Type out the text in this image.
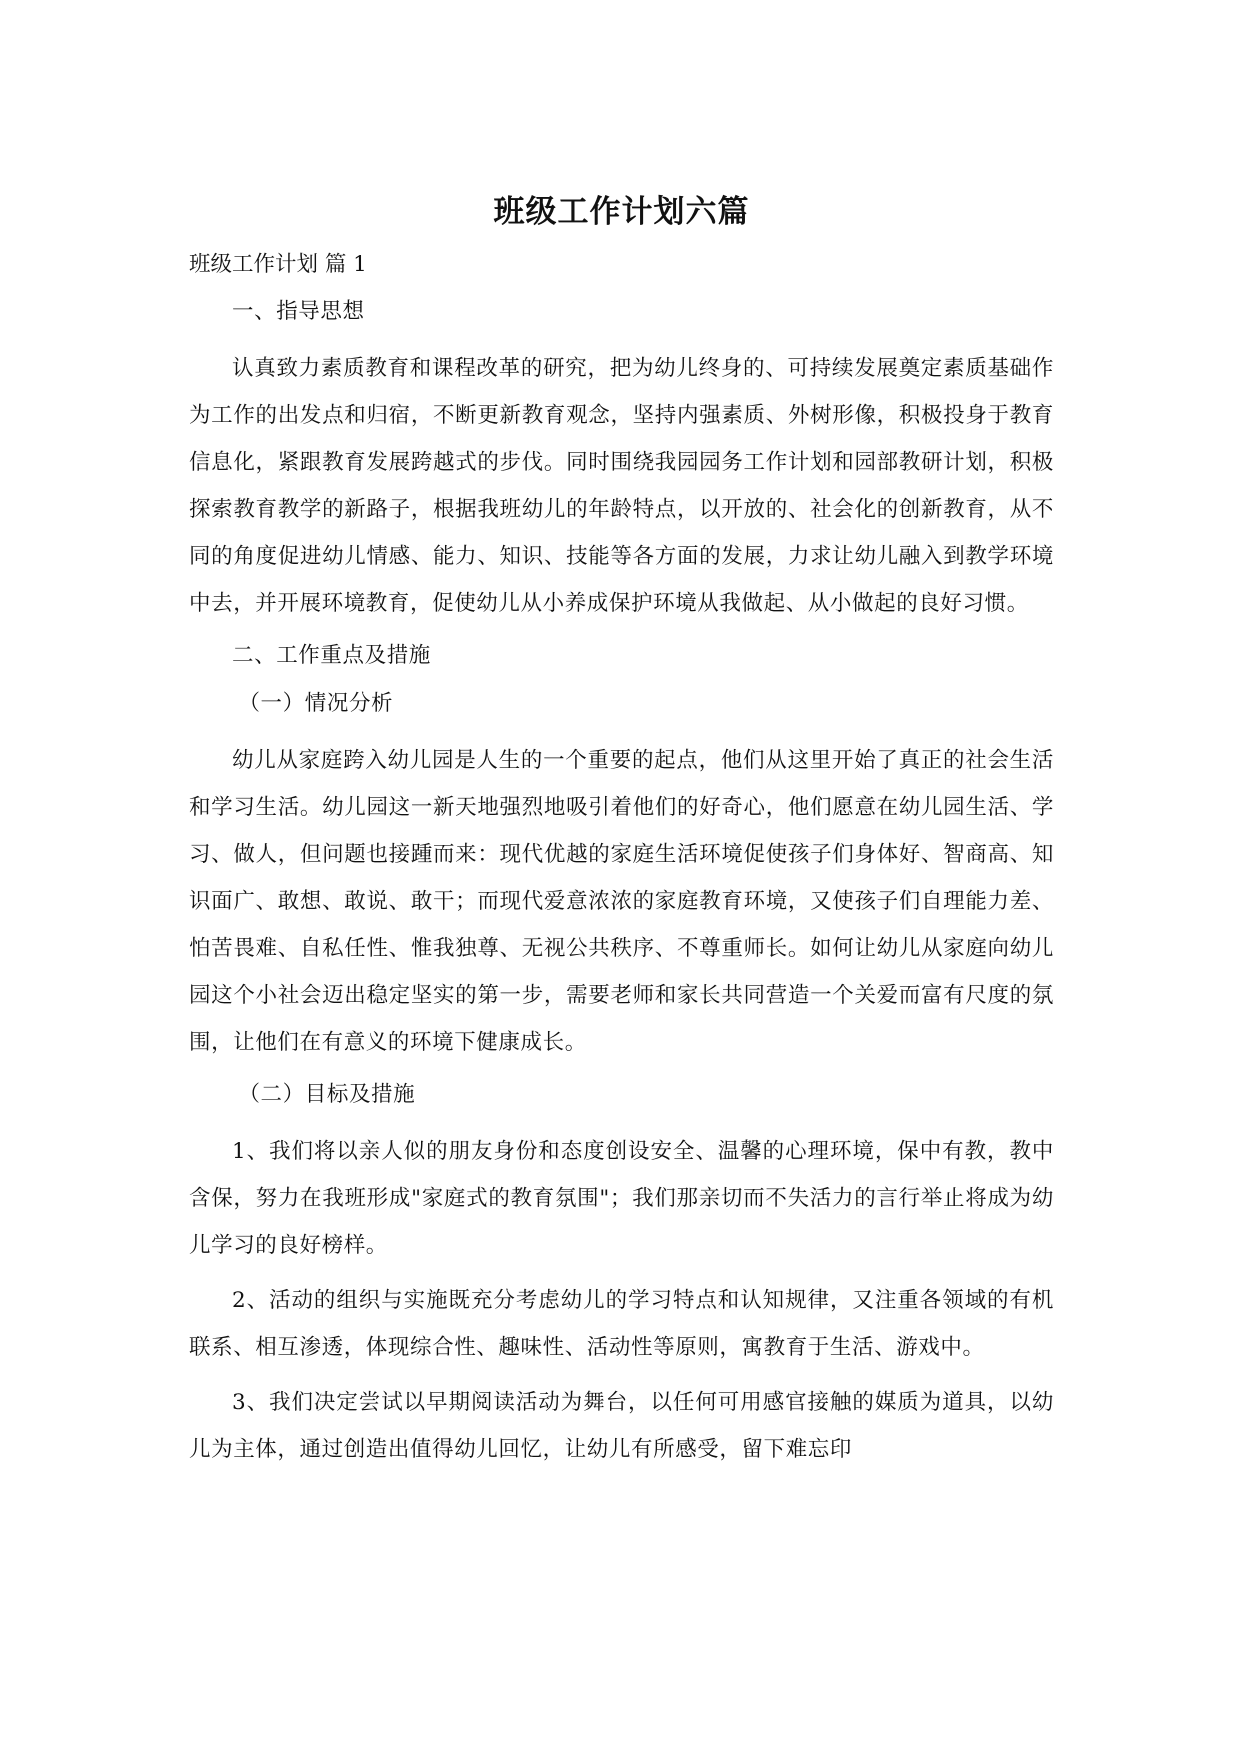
班级工作计划六篇
班级工作计划 篇 1
一、指导思想

认真致力素质教育和课程改革的研究，把为幼儿终身的、可持续发展奠定素质基础作为工作的出发点和归宿，不断更新教育观念，坚持内强素质、外树形像，积极投身于教育信息化，紧跟教育发展跨越式的步伐。同时围绕我园园务工作计划和园部教研计划，积极探索教育教学的新路子，根据我班幼儿的年龄特点，以开放的、社会化的创新教育，从不同的角度促进幼儿情感、能力、知识、技能等各方面的发展，力求让幼儿融入到教学环境中去，并开展环境教育，促使幼儿从小养成保护环境从我做起、从小做起的良好习惯。

二、工作重点及措施
（一）情况分析

幼儿从家庭跨入幼儿园是人生的一个重要的起点，他们从这里开始了真正的社会生活和学习生活。幼儿园这一新天地强烈地吸引着他们的好奇心，他们愿意在幼儿园生活、学习、做人，但问题也接踵而来：现代优越的家庭生活环境促使孩子们身体好、智商高、知识面广、敢想、敢说、敢干；而现代爱意浓浓的家庭教育环境，又使孩子们自理能力差、怕苦畏难、自私任性、惟我独尊、无视公共秩序、不尊重师长。如何让幼儿从家庭向幼儿园这个小社会迈出稳定坚实的第一步，需要老师和家长共同营造一个关爱而富有尺度的氛围，让他们在有意义的环境下健康成长。

（二）目标及措施

1、我们将以亲人似的朋友身份和态度创设安全、温馨的心理环境，保中有教，教中含保，努力在我班形成"家庭式的教育氛围"；我们那亲切而不失活力的言行举止将成为幼儿学习的良好榜样。

2、活动的组织与实施既充分考虑幼儿的学习特点和认知规律，又注重各领域的有机联系、相互渗透，体现综合性、趣味性、活动性等原则，寓教育于生活、游戏中。

3、我们决定尝试以早期阅读活动为舞台，以任何可用感官接触的媒质为道具，以幼儿为主体，通过创造出值得幼儿回忆，让幼儿有所感受，留下难忘印
